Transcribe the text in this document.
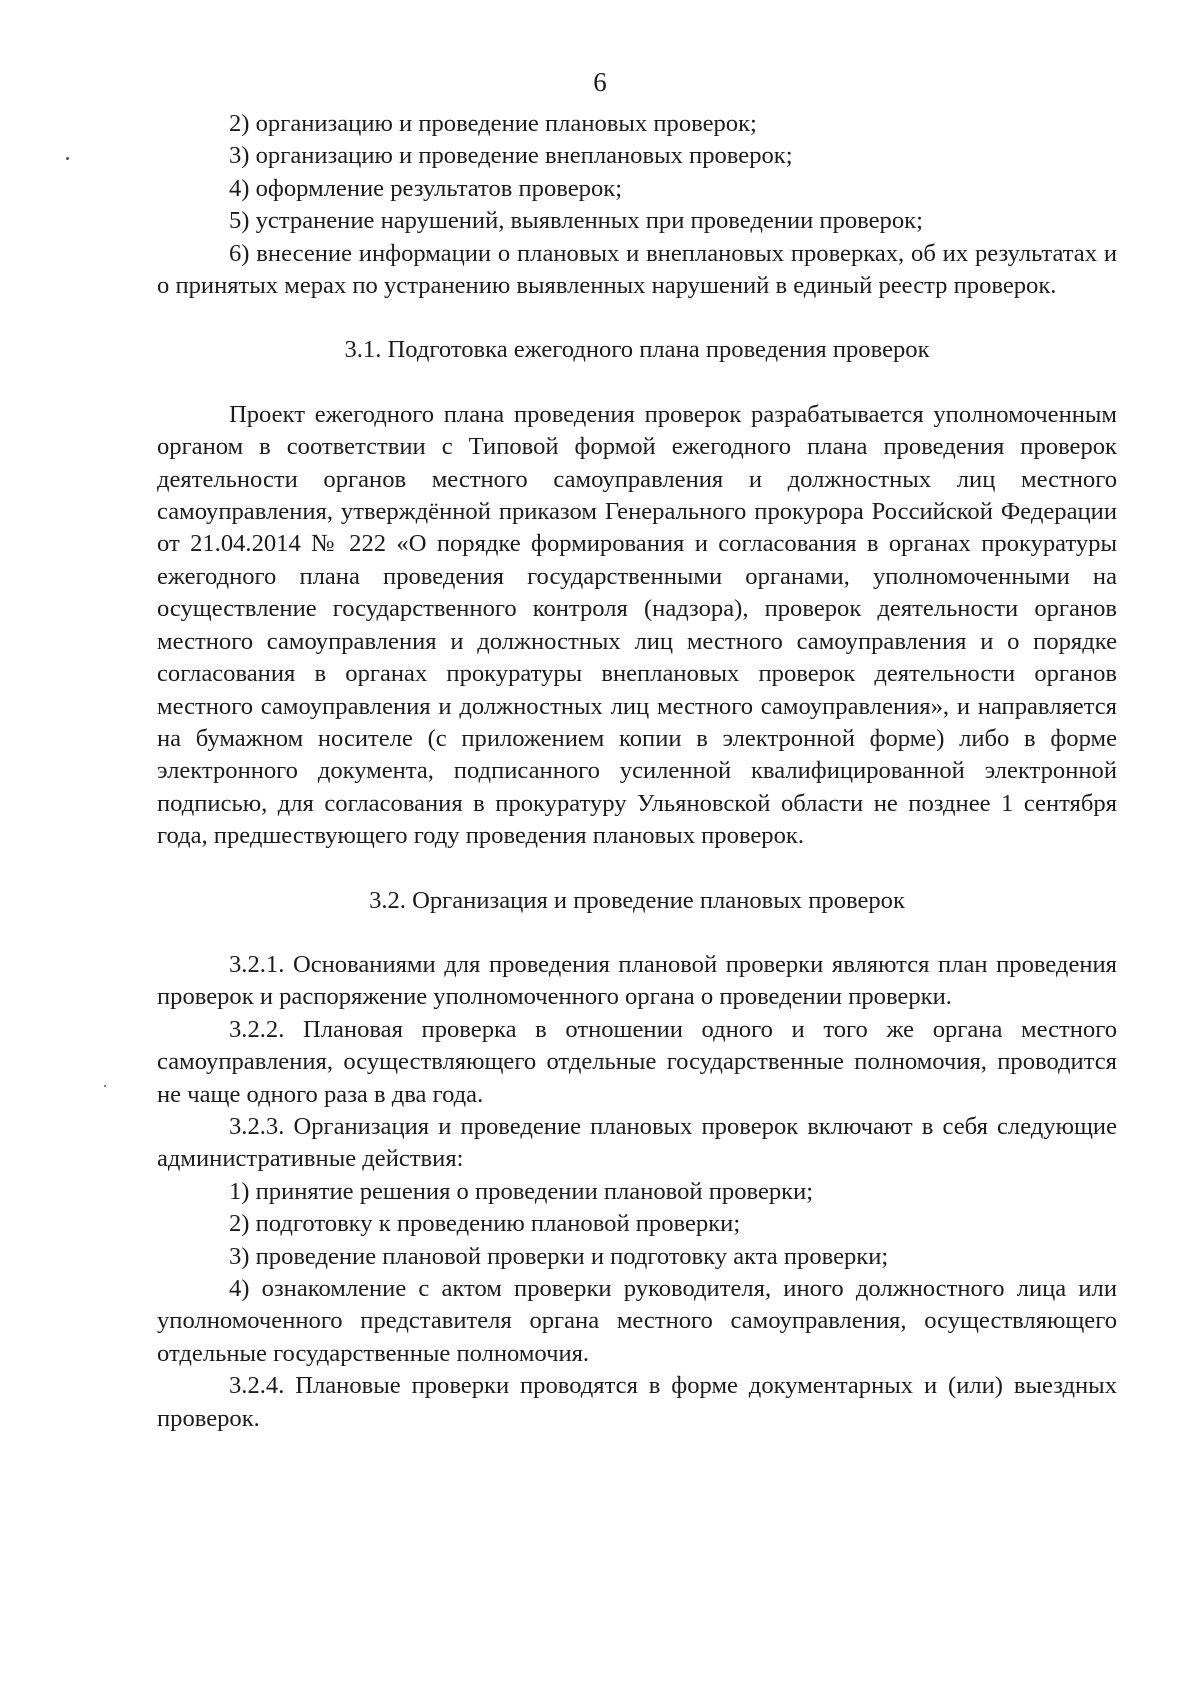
6

2) организацию и проведение плановых проверок;

3) организацию и проведение внеплановых проверок;

4) оформление результатов проверок;

5) устранение нарушений, выявленных при проведении проверок;

6) внесение информации о плановых и внеплановых проверках, об их результатах и о принятых мерах по устранению выявленных нарушений в единый реестр проверок.

3.1. Подготовка ежегодного плана проведения проверок

Проект ежегодного плана проведения проверок разрабатывается уполномоченным органом в соответствии с Типовой формой ежегодного плана проведения проверок деятельности органов местного самоуправления и должностных лиц местного самоуправления, утверждённой приказом Генерального прокурора Российской Федерации от 21.04.2014 № 222 «О порядке формирования и согласования в органах прокуратуры ежегодного плана проведения государственными органами, уполномоченными на осуществление государственного контроля (надзора), проверок деятельности органов местного самоуправления и должностных лиц местного самоуправления и о порядке согласования в органах прокуратуры внеплановых проверок деятельности органов местного самоуправления и должностных лиц местного самоуправления», и направляется на бумажном носителе (с приложением копии в электронной форме) либо в форме электронного документа, подписанного усиленной квалифицированной электронной подписью, для согласования в прокуратуру Ульяновской области не позднее 1 сентября года, предшествующего году проведения плановых проверок.

3.2. Организация и проведение плановых проверок

3.2.1. Основаниями для проведения плановой проверки являются план проведения проверок и распоряжение уполномоченного органа о проведении проверки.

3.2.2. Плановая проверка в отношении одного и того же органа местного самоуправления, осуществляющего отдельные государственные полномочия, проводится не чаще одного раза в два года.

3.2.3. Организация и проведение плановых проверок включают в себя следующие административные действия:

1) принятие решения о проведении плановой проверки;

2) подготовку к проведению плановой проверки;

3) проведение плановой проверки и подготовку акта проверки;

4) ознакомление с актом проверки руководителя, иного должностного лица или уполномоченного представителя органа местного самоуправления, осуществляющего отдельные государственные полномочия.

3.2.4. Плановые проверки проводятся в форме документарных и (или) выездных проверок.
